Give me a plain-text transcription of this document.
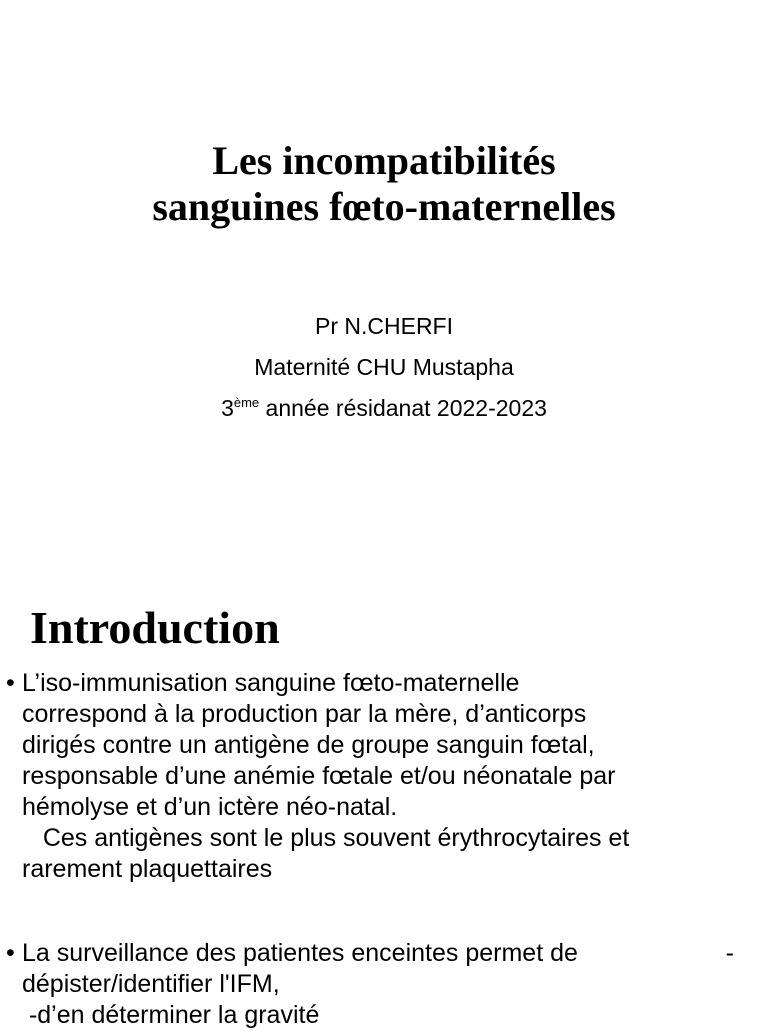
Les incompatibilités
sanguines fœto-maternelles
Pr N.CHERFI
Maternité CHU Mustapha
3ème année résidanat 2022-2023
Introduction
• L’iso-immunisation sanguine fœto-maternelle
correspond à la production par la mère, d’anticorps
dirigés contre un antigène de groupe sanguin fœtal,
responsable d’une anémie fœtale et/ou néonatale par
hémolyse et d’un ictère néo-natal.
Ces antigènes sont le plus souvent érythrocytaires et
rarement plaquettaires
•	-
La surveillance des patientes enceintes permet de
dépister/identifier l'IFM,
-d’en déterminer la gravité
